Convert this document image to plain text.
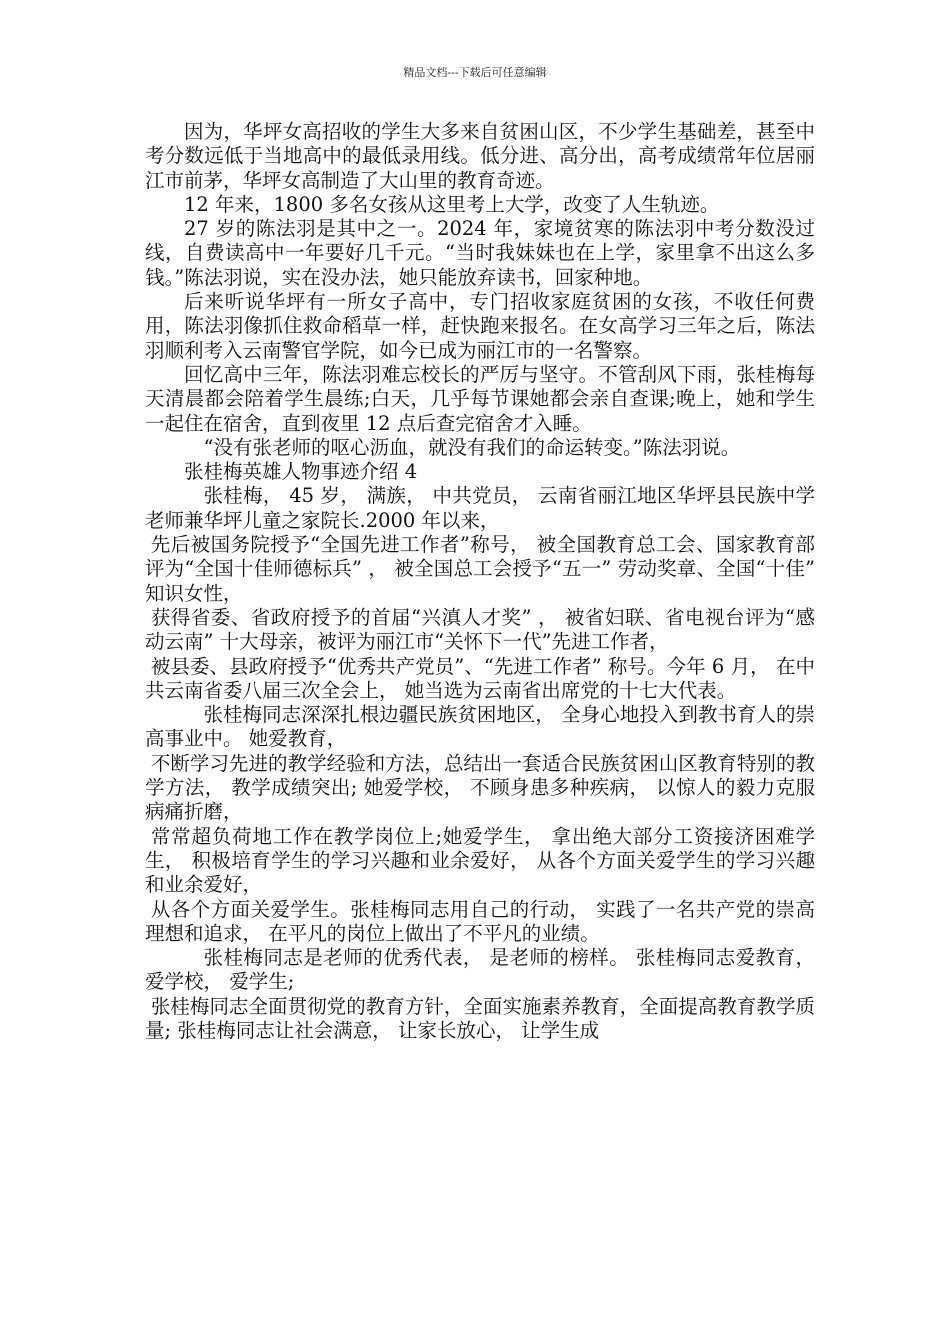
精品文档---下载后可任意编辑

因为，华坪女高招收的学生大多来自贫困山区，不少学生基础差，甚至中考分数远低于当地高中的最低录用线。低分进、高分出，高考成绩常年位居丽江市前茅，华坪女高制造了大山里的教育奇迹。

12 年来，1800 多名女孩从这里考上大学，改变了人生轨迹。

27 岁的陈法羽是其中之一。2024 年，家境贫寒的陈法羽中考分数没过线，自费读高中一年要好几千元。“当时我妹妹也在上学，家里拿不出这么多钱。”陈法羽说，实在没办法，她只能放弃读书，回家种地。

后来听说华坪有一所女子高中，专门招收家庭贫困的女孩，不收任何费用，陈法羽像抓住救命稻草一样，赶快跑来报名。在女高学习三年之后，陈法羽顺利考入云南警官学院，如今已成为丽江市的一名警察。

回忆高中三年，陈法羽难忘校长的严厉与坚守。不管刮风下雨，张桂梅每天清晨都会陪着学生晨练;白天，几乎每节课她都会亲自查课;晚上，她和学生一起住在宿舍，直到夜里 12 点后查完宿舍才入睡。

“没有张老师的呕心沥血，就没有我们的命运转变。”陈法羽说。

张桂梅英雄人物事迹介绍 4

张桂梅， 45 岁， 满族， 中共党员， 云南省丽江地区华坪县民族中学老师兼华坪儿童之家院长.2000 年以来，

先后被国务院授予“全国先进工作者”称号， 被全国教育总工会、国家教育部评为“全国十佳师德标兵” ， 被全国总工会授予“五一” 劳动奖章、全国“十佳” 知识女性，

获得省委、省政府授予的首届“兴滇人才奖” ， 被省妇联、省电视台评为“感动云南” 十大母亲，被评为丽江市“关怀下一代”先进工作者，

被县委、县政府授予“优秀共产党员”、“先进工作者” 称号。今年 6 月， 在中共云南省委八届三次全会上， 她当选为云南省出席党的十七大代表。

张桂梅同志深深扎根边疆民族贫困地区， 全身心地投入到教书育人的崇高事业中。 她爱教育，

不断学习先进的教学经验和方法，总结出一套适合民族贫困山区教育特别的教学方法， 教学成绩突出; 她爱学校， 不顾身患多种疾病， 以惊人的毅力克服病痛折磨，

常常超负荷地工作在教学岗位上;她爱学生， 拿出绝大部分工资接济困难学生， 积极培育学生的学习兴趣和业余爱好， 从各个方面关爱学生的学习兴趣和业余爱好，

从各个方面关爱学生。张桂梅同志用自己的行动， 实践了一名共产党的崇高理想和追求， 在平凡的岗位上做出了不平凡的业绩。

张桂梅同志是老师的优秀代表， 是老师的榜样。 张桂梅同志爱教育， 爱学校， 爱学生;

张桂梅同志全面贯彻党的教育方针，全面实施素养教育，全面提高教育教学质量; 张桂梅同志让社会满意， 让家长放心， 让学生成
